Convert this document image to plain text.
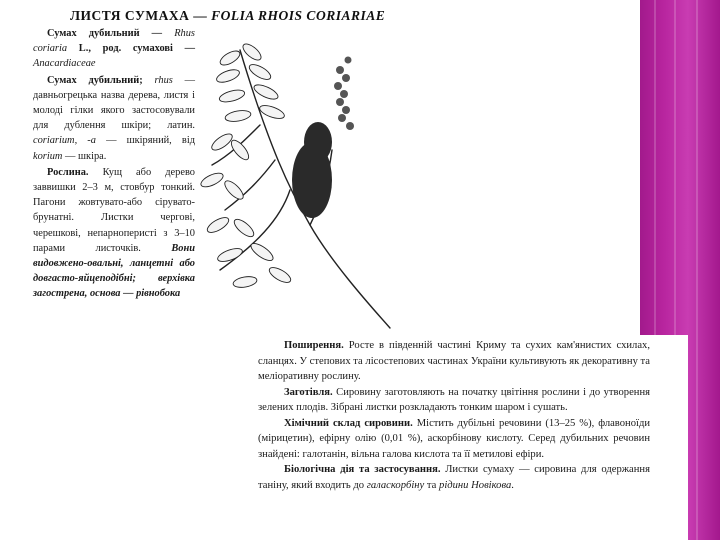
ЛИСТЯ СУМАХА — FOLIA RHOIS CORIARIAE

Сумах дубильний — Rhus coriaria L., род. сумахові — Anacardiaceae

Сумах дубильний; rhus — давньогрецька назва дерева, листя і молоді гілки якого застосовували для дублення шкіри; латин. coriarium, -а — шкіряний, від korium — шкіра.

Рослина. Кущ або дерево заввишки 2–3 м, стовбур тонкий. Пагони жовтувато-або сірувато-брунатні. Листки чергові, черешкові, непарноперисті з 3–10 парами листочків.	Вони видовжено-овальні, ланцетні або довгасто-яйцеподібні; верхівка загострена, основа — рівнобока

Поширення. Росте в південній частині Криму та сухих кам'янистих схилах, сланцях. У степових та лісостепових частинах України культивують як декоративну та меліоративну рослину.

Заготівля. Сировину заготовляють на початку цвітіння рослини і до утворення зелених плодів. Зібрані листки розкладають тонким шаром і сушать.

Хімічний склад сировини. Містить дубільні речовини (13–25 %), флавоноїди (мірицетин), ефірну олію (0,01 %), аскорбінову кислоту. Серед дубильних речовин знайдені: галотанін, вільна галова кислота та її метилові ефіри.

Біологічна дія та застосування. Листки сумаху — сировина для одержання таніну, який входить до галаскорбіну та рідини Новікова.
